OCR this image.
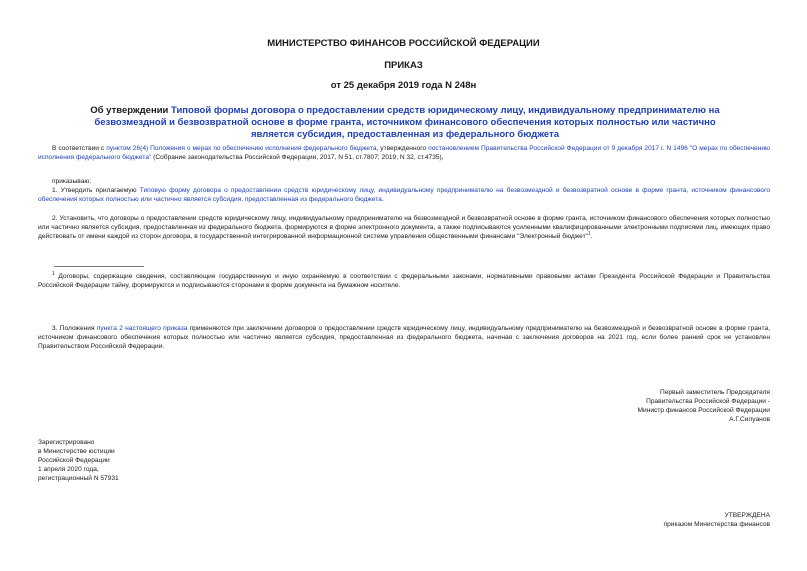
МИНИСТЕРСТВО ФИНАНСОВ РОССИЙСКОЙ ФЕДЕРАЦИИ
ПРИКАЗ
от 25 декабря 2019 года N 248н
Об утверждении Типовой формы договора о предоставлении средств юридическому лицу, индивидуальному предпринимателю на безвозмездной и безвозвратной основе в форме гранта, источником финансового обеспечения которых полностью или частично является субсидия, предоставленная из федерального бюджета
В соответствии с пунктом 26(4) Положения о мерах по обеспечению исполнения федерального бюджета, утвержденного постановлением Правительства Российской Федерации от 9 декабря 2017 г. N 1496 "О мерах по обеспечению исполнения федерального бюджета" (Собрание законодательства Российской Федерации, 2017, N 51, ст.7807; 2019, N 32, ст.4735),
приказываю:
1. Утвердить прилагаемую Типовую форму договора о предоставлении средств юридическому лицу, индивидуальному предпринимателю на безвозмездной и безвозвратной основе в форме гранта, источником финансового обеспечения которых полностью или частично является субсидия, предоставленная из федерального бюджета.
2. Установить, что договоры о предоставлении средств юридическому лицу, индивидуальному предпринимателю на безвозмездной и безвозвратной основе в форме гранта, источником финансового обеспечения которых полностью или частично является субсидия, предоставленная из федерального бюджета, формируются в форме электронного документа, а также подписываются усиленными квалифицированными электронными подписями лиц, имеющих право действовать от имени каждой из сторон договора, в государственной интегрированной информационной системе управления общественными финансами "Электронный бюджет"$^1$.
$^1$ Договоры, содержащие сведения, составляющие государственную и иную охраняемую в соответствии с федеральными законами, нормативными правовыми актами Президента Российской Федерации и Правительства Российской Федерации тайну, формируются и подписываются сторонами в форме документа на бумажном носителе.
3. Положения пункта 2 настоящего приказа применяются при заключении договоров о предоставлении средств юридическому лицу, индивидуальному предпринимателю на безвозмездной и безвозвратной основе в форме гранта, источником финансового обеспечения которых полностью или частично является субсидия, предоставленная из федерального бюджета, начиная с заключения договоров на 2021 год, если более ранний срок не установлен Правительством Российской Федерации.
Первый заместитель Председателя
Правительства Российской Федерации -
Министр финансов Российской Федерации
А.Г.Силуанов
Зарегистрировано
в Министерстве юстиции
Российской Федерации
1 апреля 2020 года,
регистрационный N 57931
УТВЕРЖДЕНА
приказом Министерства финансов
